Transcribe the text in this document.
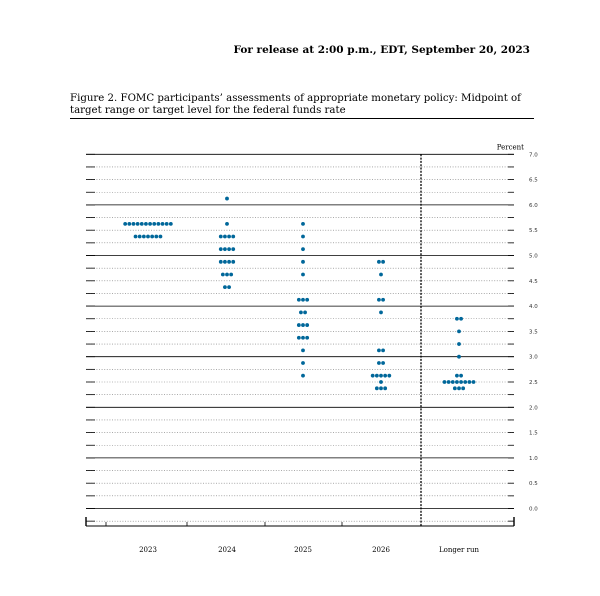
For release at 2:00 p.m., EDT, September 20, 2023
Figure 2. FOMC participants’ assessments of appropriate monetary policy: Midpoint of target range or target level for the federal funds rate
0.0
0.5
1.0
1.5
2.0
2.5
3.0
3.5
4.0
4.5
5.0
5.5
6.0
6.5
7.0
Percent
2023	2024	2025	2026	Longer run
